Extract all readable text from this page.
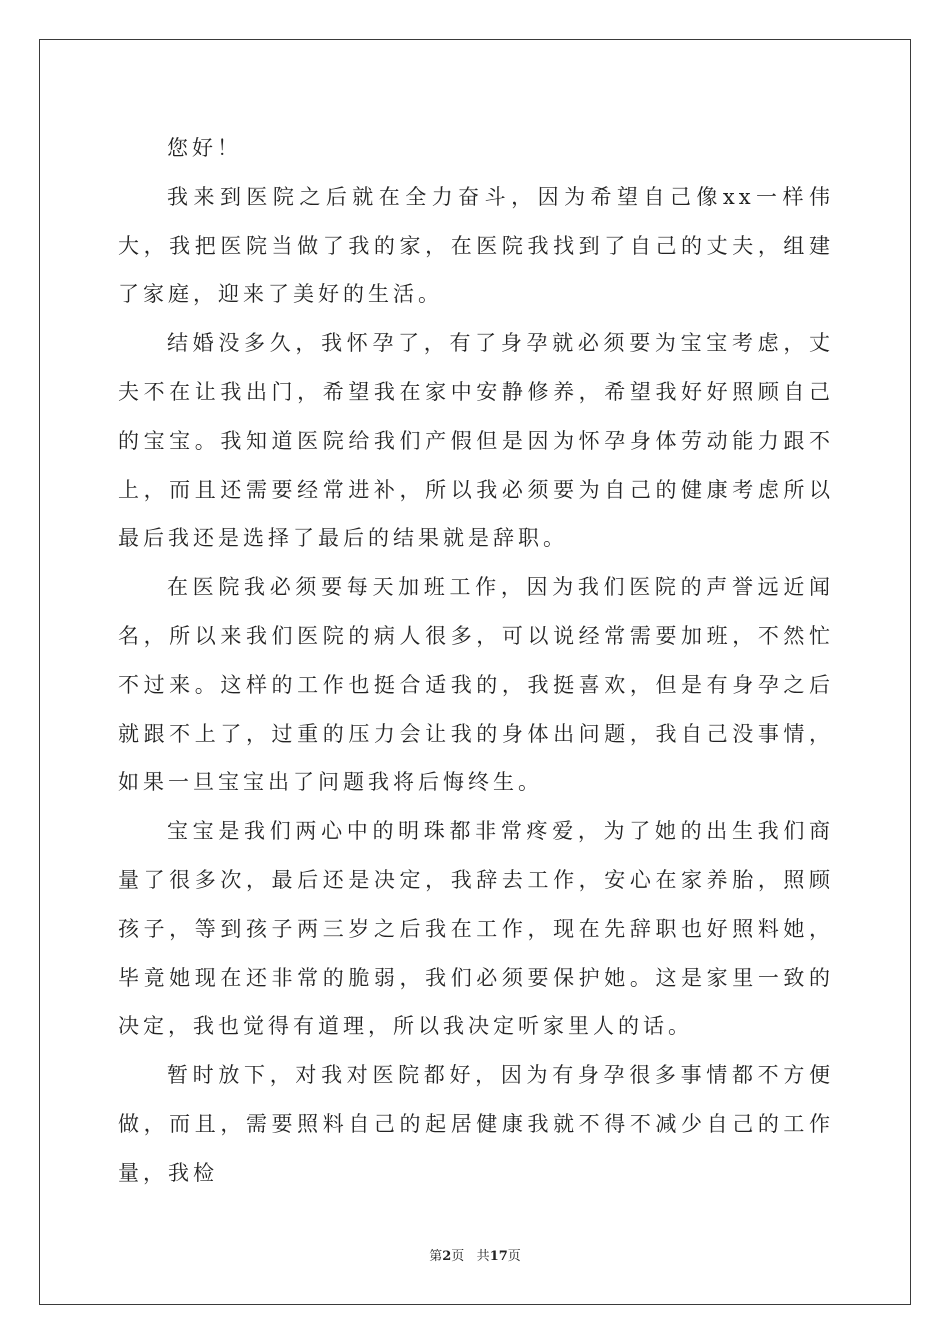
您好！

我来到医院之后就在全力奋斗，因为希望自己像xx一样伟大，我把医院当做了我的家，在医院我找到了自己的丈夫，组建了家庭，迎来了美好的生活。

结婚没多久，我怀孕了，有了身孕就必须要为宝宝考虑，丈夫不在让我出门，希望我在家中安静修养，希望我好好照顾自己的宝宝。我知道医院给我们产假但是因为怀孕身体劳动能力跟不上，而且还需要经常进补，所以我必须要为自己的健康考虑所以最后我还是选择了最后的结果就是辞职。

在医院我必须要每天加班工作，因为我们医院的声誉远近闻名，所以来我们医院的病人很多，可以说经常需要加班，不然忙不过来。这样的工作也挺合适我的，我挺喜欢，但是有身孕之后就跟不上了，过重的压力会让我的身体出问题，我自己没事情，如果一旦宝宝出了问题我将后悔终生。

宝宝是我们两心中的明珠都非常疼爱，为了她的出生我们商量了很多次，最后还是决定，我辞去工作，安心在家养胎，照顾孩子，等到孩子两三岁之后我在工作，现在先辞职也好照料她，毕竟她现在还非常的脆弱，我们必须要保护她。这是家里一致的决定，我也觉得有道理，所以我决定听家里人的话。

暂时放下，对我对医院都好，因为有身孕很多事情都不方便做，而且，需要照料自己的起居健康我就不得不减少自己的工作量，我检

第2页 共17页
